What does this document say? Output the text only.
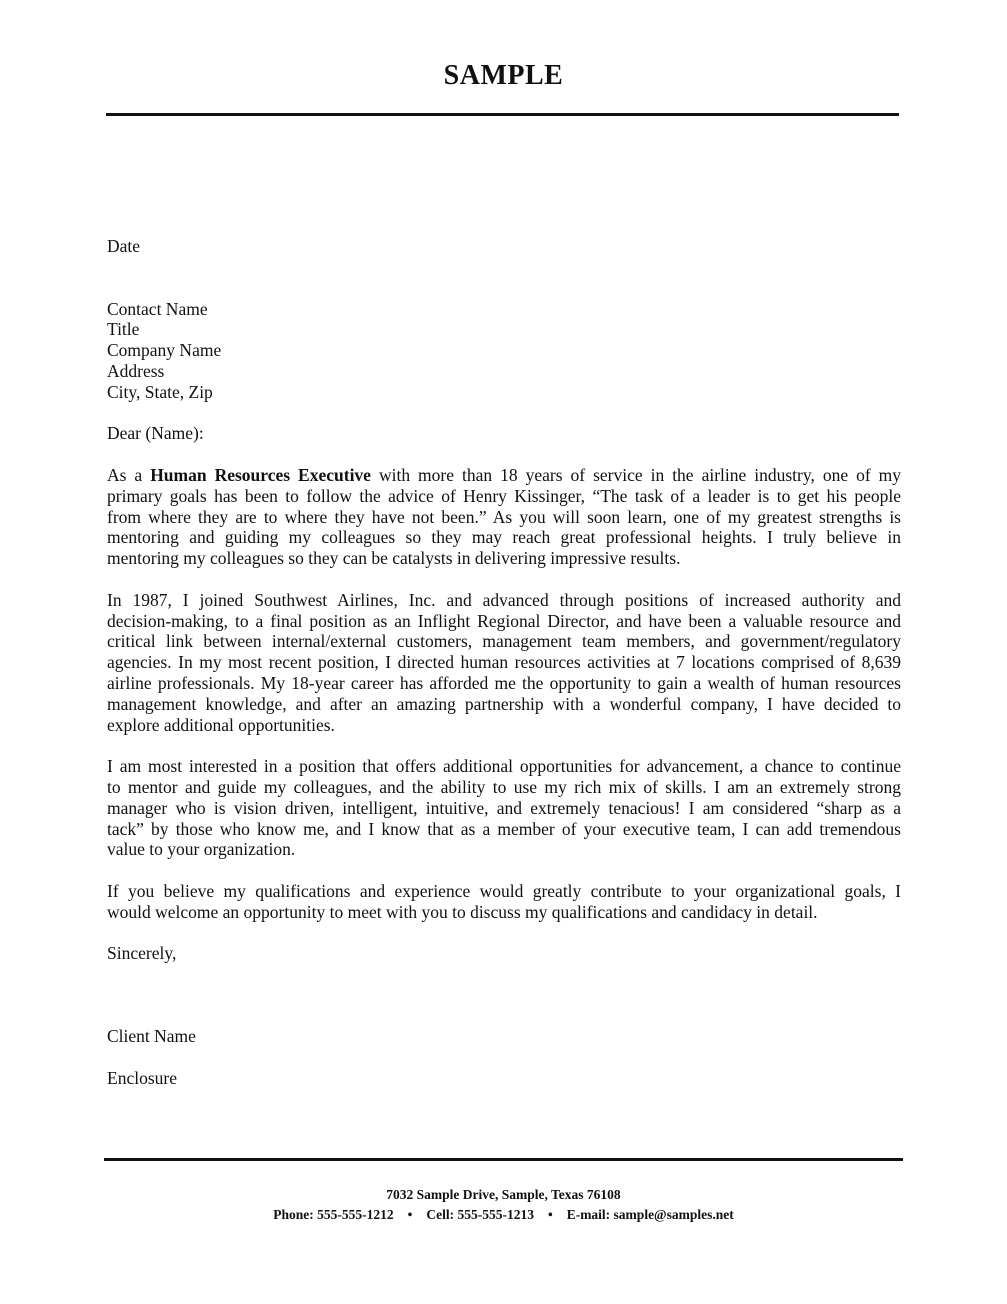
SAMPLE
Date
Contact Name
Title
Company Name
Address
City, State, Zip
Dear (Name):
As a Human Resources Executive with more than 18 years of service in the airline industry, one of my
primary goals has been to follow the advice of Henry Kissinger, “The task of a leader is to get his people
from where they are to where they have not been.” As you will soon learn, one of my greatest strengths is
mentoring and guiding my colleagues so they may reach great professional heights. I truly believe in
mentoring my colleagues so they can be catalysts in delivering impressive results.
In 1987, I joined Southwest Airlines, Inc. and advanced through positions of increased authority and
decision-making, to a final position as an Inflight Regional Director, and have been a valuable resource and
critical link between internal/external customers, management team members, and government/regulatory
agencies. In my most recent position, I directed human resources activities at 7 locations comprised of 8,639
airline professionals. My 18-year career has afforded me the opportunity to gain a wealth of human resources
management knowledge, and after an amazing partnership with a wonderful company, I have decided to
explore additional opportunities.
I am most interested in a position that offers additional opportunities for advancement, a chance to continue
to mentor and guide my colleagues, and the ability to use my rich mix of skills. I am an extremely strong
manager who is vision driven, intelligent, intuitive, and extremely tenacious! I am considered “sharp as a
tack” by those who know me, and I know that as a member of your executive team, I can add tremendous
value to your organization.
If you believe my qualifications and experience would greatly contribute to your organizational goals, I
would welcome an opportunity to meet with you to discuss my qualifications and candidacy in detail.
Sincerely,
Client Name
Enclosure
7032 Sample Drive, Sample, Texas 76108
Phone: 555-555-1212 • Cell: 555-555-1213 • E-mail: sample@samples.net
